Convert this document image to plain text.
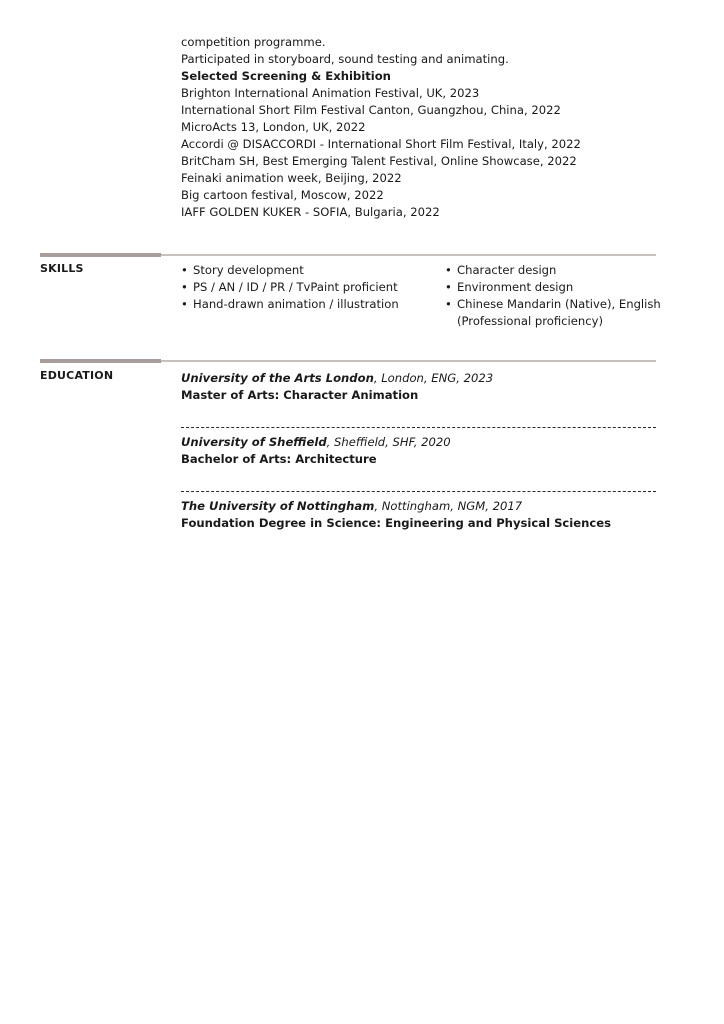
competition programme.
Participated in storyboard, sound testing and animating.
Selected Screening & Exhibition
Brighton International Animation Festival, UK, 2023
International Short Film Festival Canton, Guangzhou, China, 2022
MicroActs 13, London, UK, 2022
Accordi @ DISACCORDI - International Short Film Festival, Italy, 2022
BritCham SH, Best Emerging Talent Festival, Online Showcase, 2022
Feinaki animation week, Beijing, 2022
Big cartoon festival, Moscow, 2022
IAFF GOLDEN KUKER - SOFIA, Bulgaria, 2022
SKILLS	• Story development
• PS / AN / ID / PR / TvPaint proficient
• Hand-drawn animation / illustration
• Character design
• Environment design
• Chinese Mandarin (Native), English (Professional proficiency)
EDUCATION	University of the Arts London, London, ENG, 2023
Master of Arts: Character Animation
University of Sheffield, Sheffield, SHF, 2020
Bachelor of Arts: Architecture
The University of Nottingham, Nottingham, NGM, 2017
Foundation Degree in Science: Engineering and Physical Sciences
